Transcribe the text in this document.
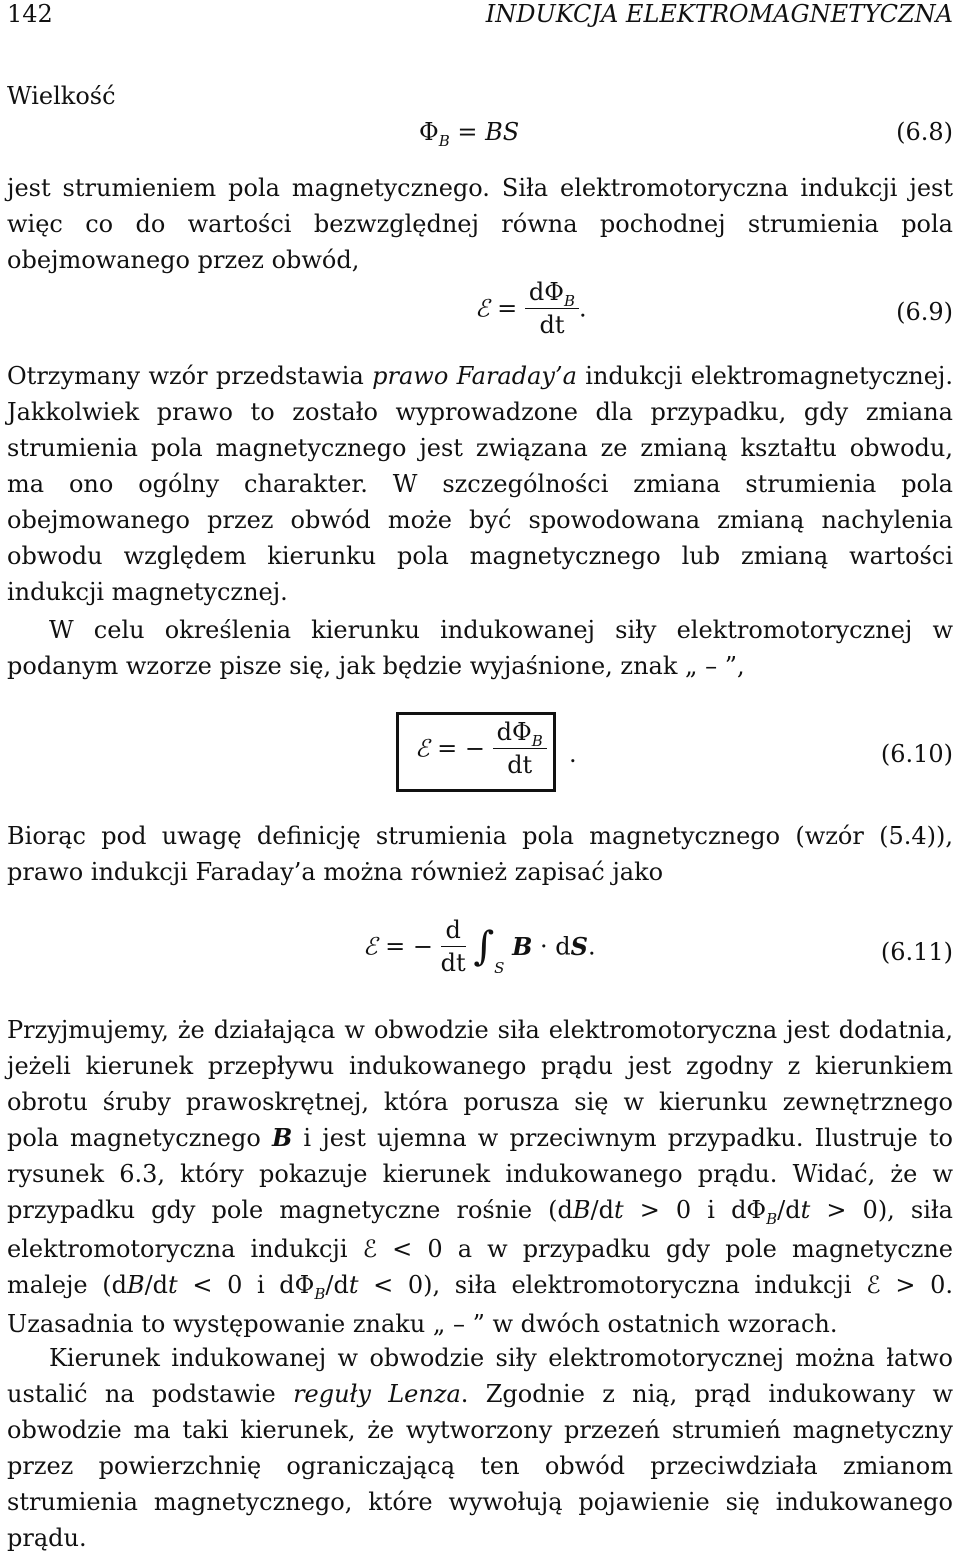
142	INDUKCJA ELEKTROMAGNETYCZNA

Wielkość

$\Phi_B$ = BS	(6.8)

jest strumieniem pola magnetycznego. Siła elektromotoryczna indukcji jest więc co do wartości bezwzględnej równa pochodnej strumienia pola obejmowanego przez obwód,

ℰ = $\frac{d\Phi_B}{dt}$ .	(6.9)

Otrzymany wzór przedstawia prawo Faraday’a indukcji elektromagnetycznej. Jakkolwiek prawo to zostało wyprowadzone dla przypadku, gdy zmiana strumienia pola magnetycznego jest związana ze zmianą kształtu obwodu, ma ono ogólny charakter. W szczególności zmiana strumienia pola obejmowanego przez obwód może być spowodowana zmianą nachylenia obwodu względem kierunku pola magnetycznego lub zmianą wartości indukcji magnetycznej.

W celu określenia kierunku indukowanej siły elektromotorycznej w podanym wzorze pisze się, jak będzie wyjaśnione, znak „ – ”,

ℰ = − $\frac{d\Phi_B}{dt}$ .	(6.10)

Biorąc pod uwagę definicję strumienia pola magnetycznego (wzór (5.4)), prawo indukcji Faraday’a można również zapisać jako

ℰ = − $\frac{d}{dt} \int_S$ B · dS.	(6.11)

Przyjmujemy, że działająca w obwodzie siła elektromotoryczna jest dodatnia, jeżeli kierunek przepływu indukowanego prądu jest zgodny z kierunkiem obrotu śruby prawoskrętnej, która porusza się w kierunku zewnętrznego pola magnetycznego B i jest ujemna w przeciwnym przypadku. Ilustruje to rysunek 6.3, który pokazuje kierunek indukowanego prądu. Widać, że w przypadku gdy pole magnetyczne rośnie (dB/dt > 0 i $d\Phi_B/dt > 0$), siła elektromotoryczna indukcji ℰ < 0 a w przypadku gdy pole magnetyczne maleje (dB/dt < 0 i $d\Phi_B/dt < 0$), siła elektromotoryczna indukcji ℰ > 0. Uzasadnia to występowanie znaku „ – ” w dwóch ostatnich wzorach.

Kierunek indukowanej w obwodzie siły elektromotorycznej można łatwo ustalić na podstawie reguły Lenza. Zgodnie z nią, prąd indukowany w obwodzie ma taki kierunek, że wytworzony przezeń strumień magnetyczny przez powierzchnię ograniczającą ten obwód przeciwdziała zmianom strumienia magnetycznego, które wywołują pojawienie się indukowanego prądu.
